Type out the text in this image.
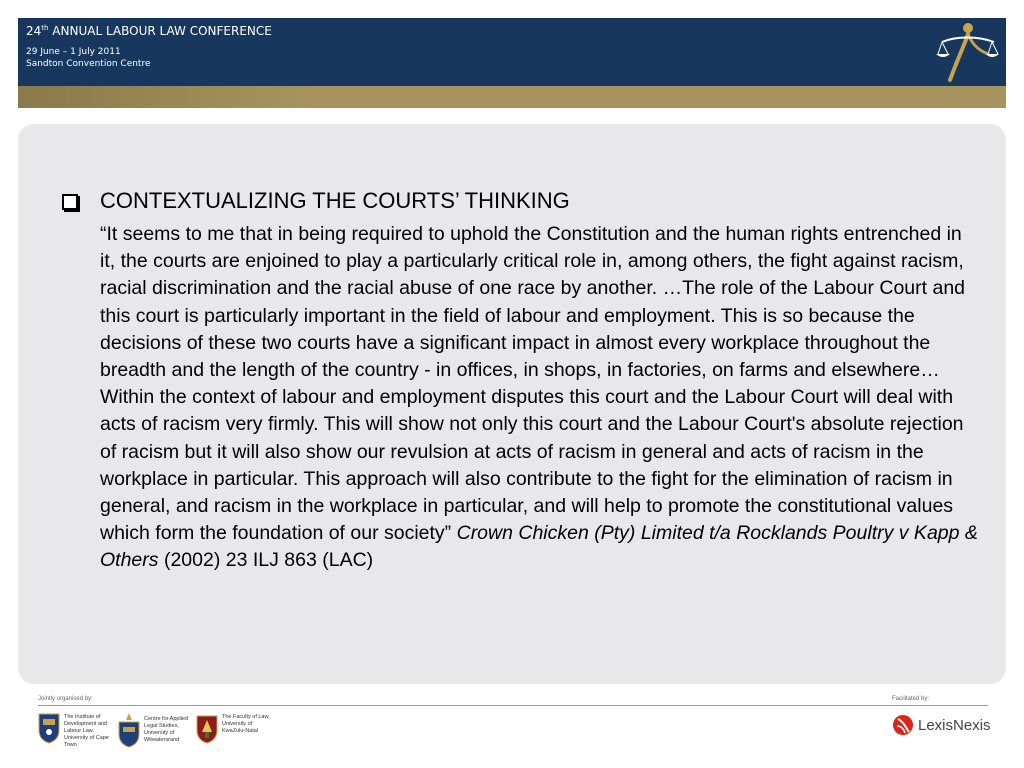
24th ANNUAL LABOUR LAW CONFERENCE
29 June – 1 July 2011
Sandton Convention Centre
CONTEXTUALIZING THE COURTS’ THINKING
“It seems to me that in being required to uphold the Constitution and the human rights entrenched in it, the courts are enjoined to play a particularly critical role in, among others, the fight against racism, racial discrimination and the racial abuse of one race by another. …The role of the Labour Court and this court is particularly important in the field of labour and employment. This is so because the decisions of these two courts have a significant impact in almost every workplace throughout the breadth and the length of the country - in offices, in shops, in factories, on farms and elsewhere… Within the context of labour and employment disputes this court and the Labour Court will deal with acts of racism very firmly. This will show not only this court and the Labour Court's absolute rejection of racism but it will also show our revulsion at acts of racism in general and acts of racism in the workplace in particular. This approach will also contribute to the fight for the elimination of racism in general, and racism in the workplace in particular, and will help to promote the constitutional values which form the foundation of our society” Crown Chicken (Pty) Limited t/a Rocklands Poultry v Kapp & Others (2002) 23 ILJ 863 (LAC)
Jointly organised by:	Facilitated by:
The Institute of Development and Labour Law, University of Cape Town
Centre for Applied Legal Studies, University of Witwatersrand
The Faculty of Law, University of KwaZulu-Natal	LexisNexis
